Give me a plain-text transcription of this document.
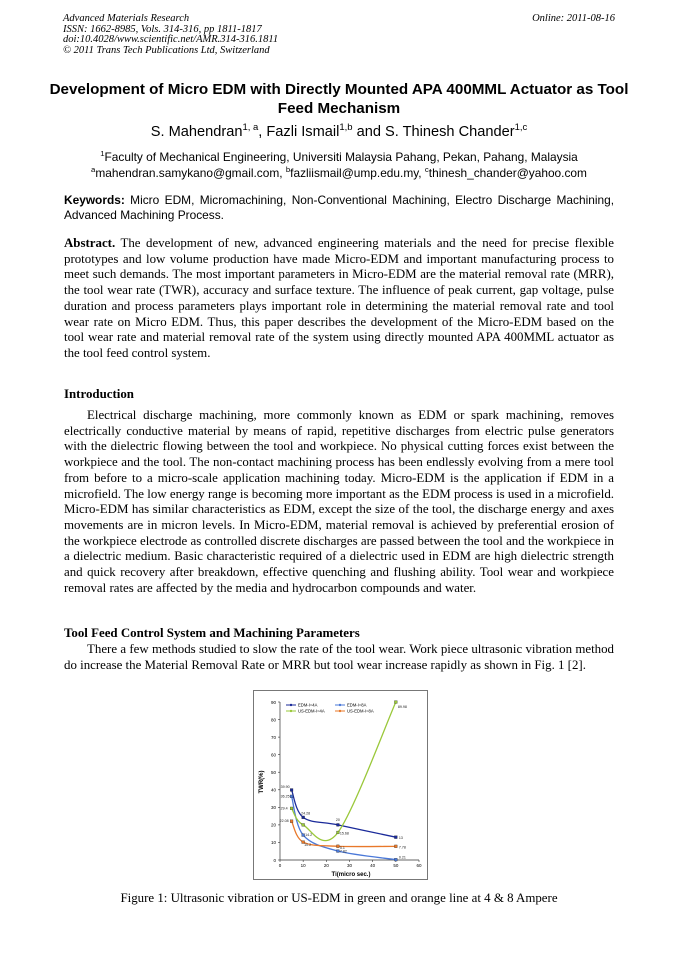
Advanced Materials Research
ISSN: 1662-8985, Vols. 314-316, pp 1811-1817
doi:10.4028/www.scientific.net/AMR.314-316.1811
© 2011 Trans Tech Publications Ltd, Switzerland
Online: 2011-08-16
Development of Micro EDM with Directly Mounted APA 400MML Actuator as Tool Feed Mechanism
S. Mahendran$^{1, a}$, Fazli Ismail$^{1,b}$ and S. Thinesh Chander$^{1,c}$
$^1$Faculty of Mechanical Engineering, Universiti Malaysia Pahang, Pekan, Pahang, Malaysia
$^a$mahendran.samykano@gmail.com, $^b$fazliismail@ump.edu.my, $^c$thinesh_chander@yahoo.com
Keywords: Micro EDM, Micromachining, Non-Conventional Machining, Electro Discharge Machining, Advanced Machining Process.
Abstract. The development of new, advanced engineering materials and the need for precise flexible prototypes and low volume production have made Micro-EDM and important manufacturing process to meet such demands. The most important parameters in Micro-EDM are the material removal rate (MRR), the tool wear rate (TWR), accuracy and surface texture. The influence of peak current, gap voltage, pulse duration and process parameters plays important role in determining the material removal rate and tool wear rate on Micro EDM. Thus, this paper describes the development of the Micro-EDM based on the tool wear rate and material removal rate of the system using directly mounted APA 400MML actuator as the tool feed control system.
Introduction
Electrical discharge machining, more commonly known as EDM or spark machining, removes electrically conductive material by means of rapid, repetitive discharges from electric pulse generators with the dielectric flowing between the tool and workpiece. No physical cutting forces exist between the workpiece and the tool. The non-contact machining process has been endlessly evolving from a mere tool from before to a micro-scale application machining today. Micro-EDM is the application if EDM in a microfield. The low energy range is becoming more important as the EDM process is used in a microfield. Micro-EDM has similar characteristics as EDM, except the size of the tool, the discharge energy and axes movements are in micron levels. In Micro-EDM, material removal is achieved by preferential erosion of the workpiece electrode as controlled discrete discharges are passed between the tool and the workpiece in a dielectric medium. Basic characteristic required of a dielectric used in EDM are high dielectric strength and quick recovery after breakdown, effective quenching and flushing ability. Tool wear and workpiece removal rates are affected by the media and hydrocarbon compounds and water.
Tool Feed Control System and Machining Parameters
There a few methods studied to slow the rate of the tool wear. Work piece ultrasonic vibration method do increase the Material Removal Rate or MRR but tool wear increase rapidly as shown in Fig. 1 [2].
0
10
20
30
40
50
60
70
80
90
0	10	20	30	40	50	60
EDM-I=4A	EDM-I=8A
US-EDM-I=4A	US-EDM-I=8A
39.90
36.25
29.4
24.28
22.08	20
14.2	15.68
10.2
5.1
7.82
13
7.78
0.21
89.98
Ti(micro sec.)
TWR(%)
Figure 1: Ultrasonic vibration or US-EDM in green and orange line at 4 & 8 Ampere
